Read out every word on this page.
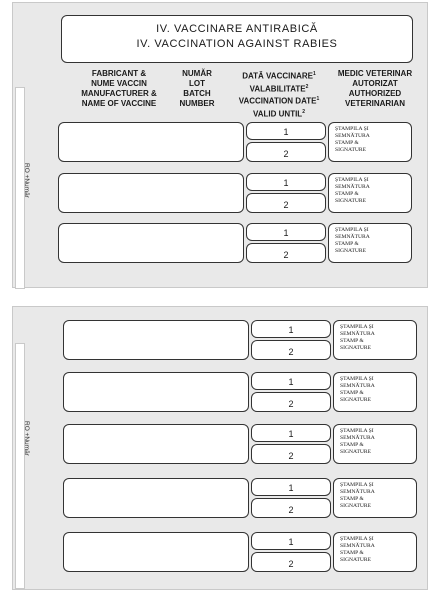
RO +Număr
IV. VACCINARE ANTIRABICĂ
IV. VACCINATION AGAINST RABIES
FABRICANT &
NUME VACCIN
MANUFACTURER &
NAME OF VACCINE
NUMĂR
LOT
BATCH
NUMBER
DATĂ VACCINARE$^1$
VALABILITATE$^2$
VACCINATION DATE$^1$
VALID UNTIL$^2$
MEDIC VETERINAR
AUTORIZAT
AUTHORIZED
VETERINARIAN
1
2
ȘTAMPILA ȘI
SEMNĂTURA
STAMP &
SIGNATURE
1
2
ȘTAMPILA ȘI
SEMNĂTURA
STAMP &
SIGNATURE
1
2
ȘTAMPILA ȘI
SEMNĂTURA
STAMP &
SIGNATURE
RO +Număr
1
2
ȘTAMPILA ȘI
SEMNĂTURA
STAMP &
SIGNATURE
1
2
ȘTAMPILA ȘI
SEMNĂTURA
STAMP &
SIGNATURE
1
2
ȘTAMPILA ȘI
SEMNĂTURA
STAMP &
SIGNATURE
1
2
ȘTAMPILA ȘI
SEMNĂTURA
STAMP &
SIGNATURE
1
2
ȘTAMPILA ȘI
SEMNĂTURA
STAMP &
SIGNATURE
